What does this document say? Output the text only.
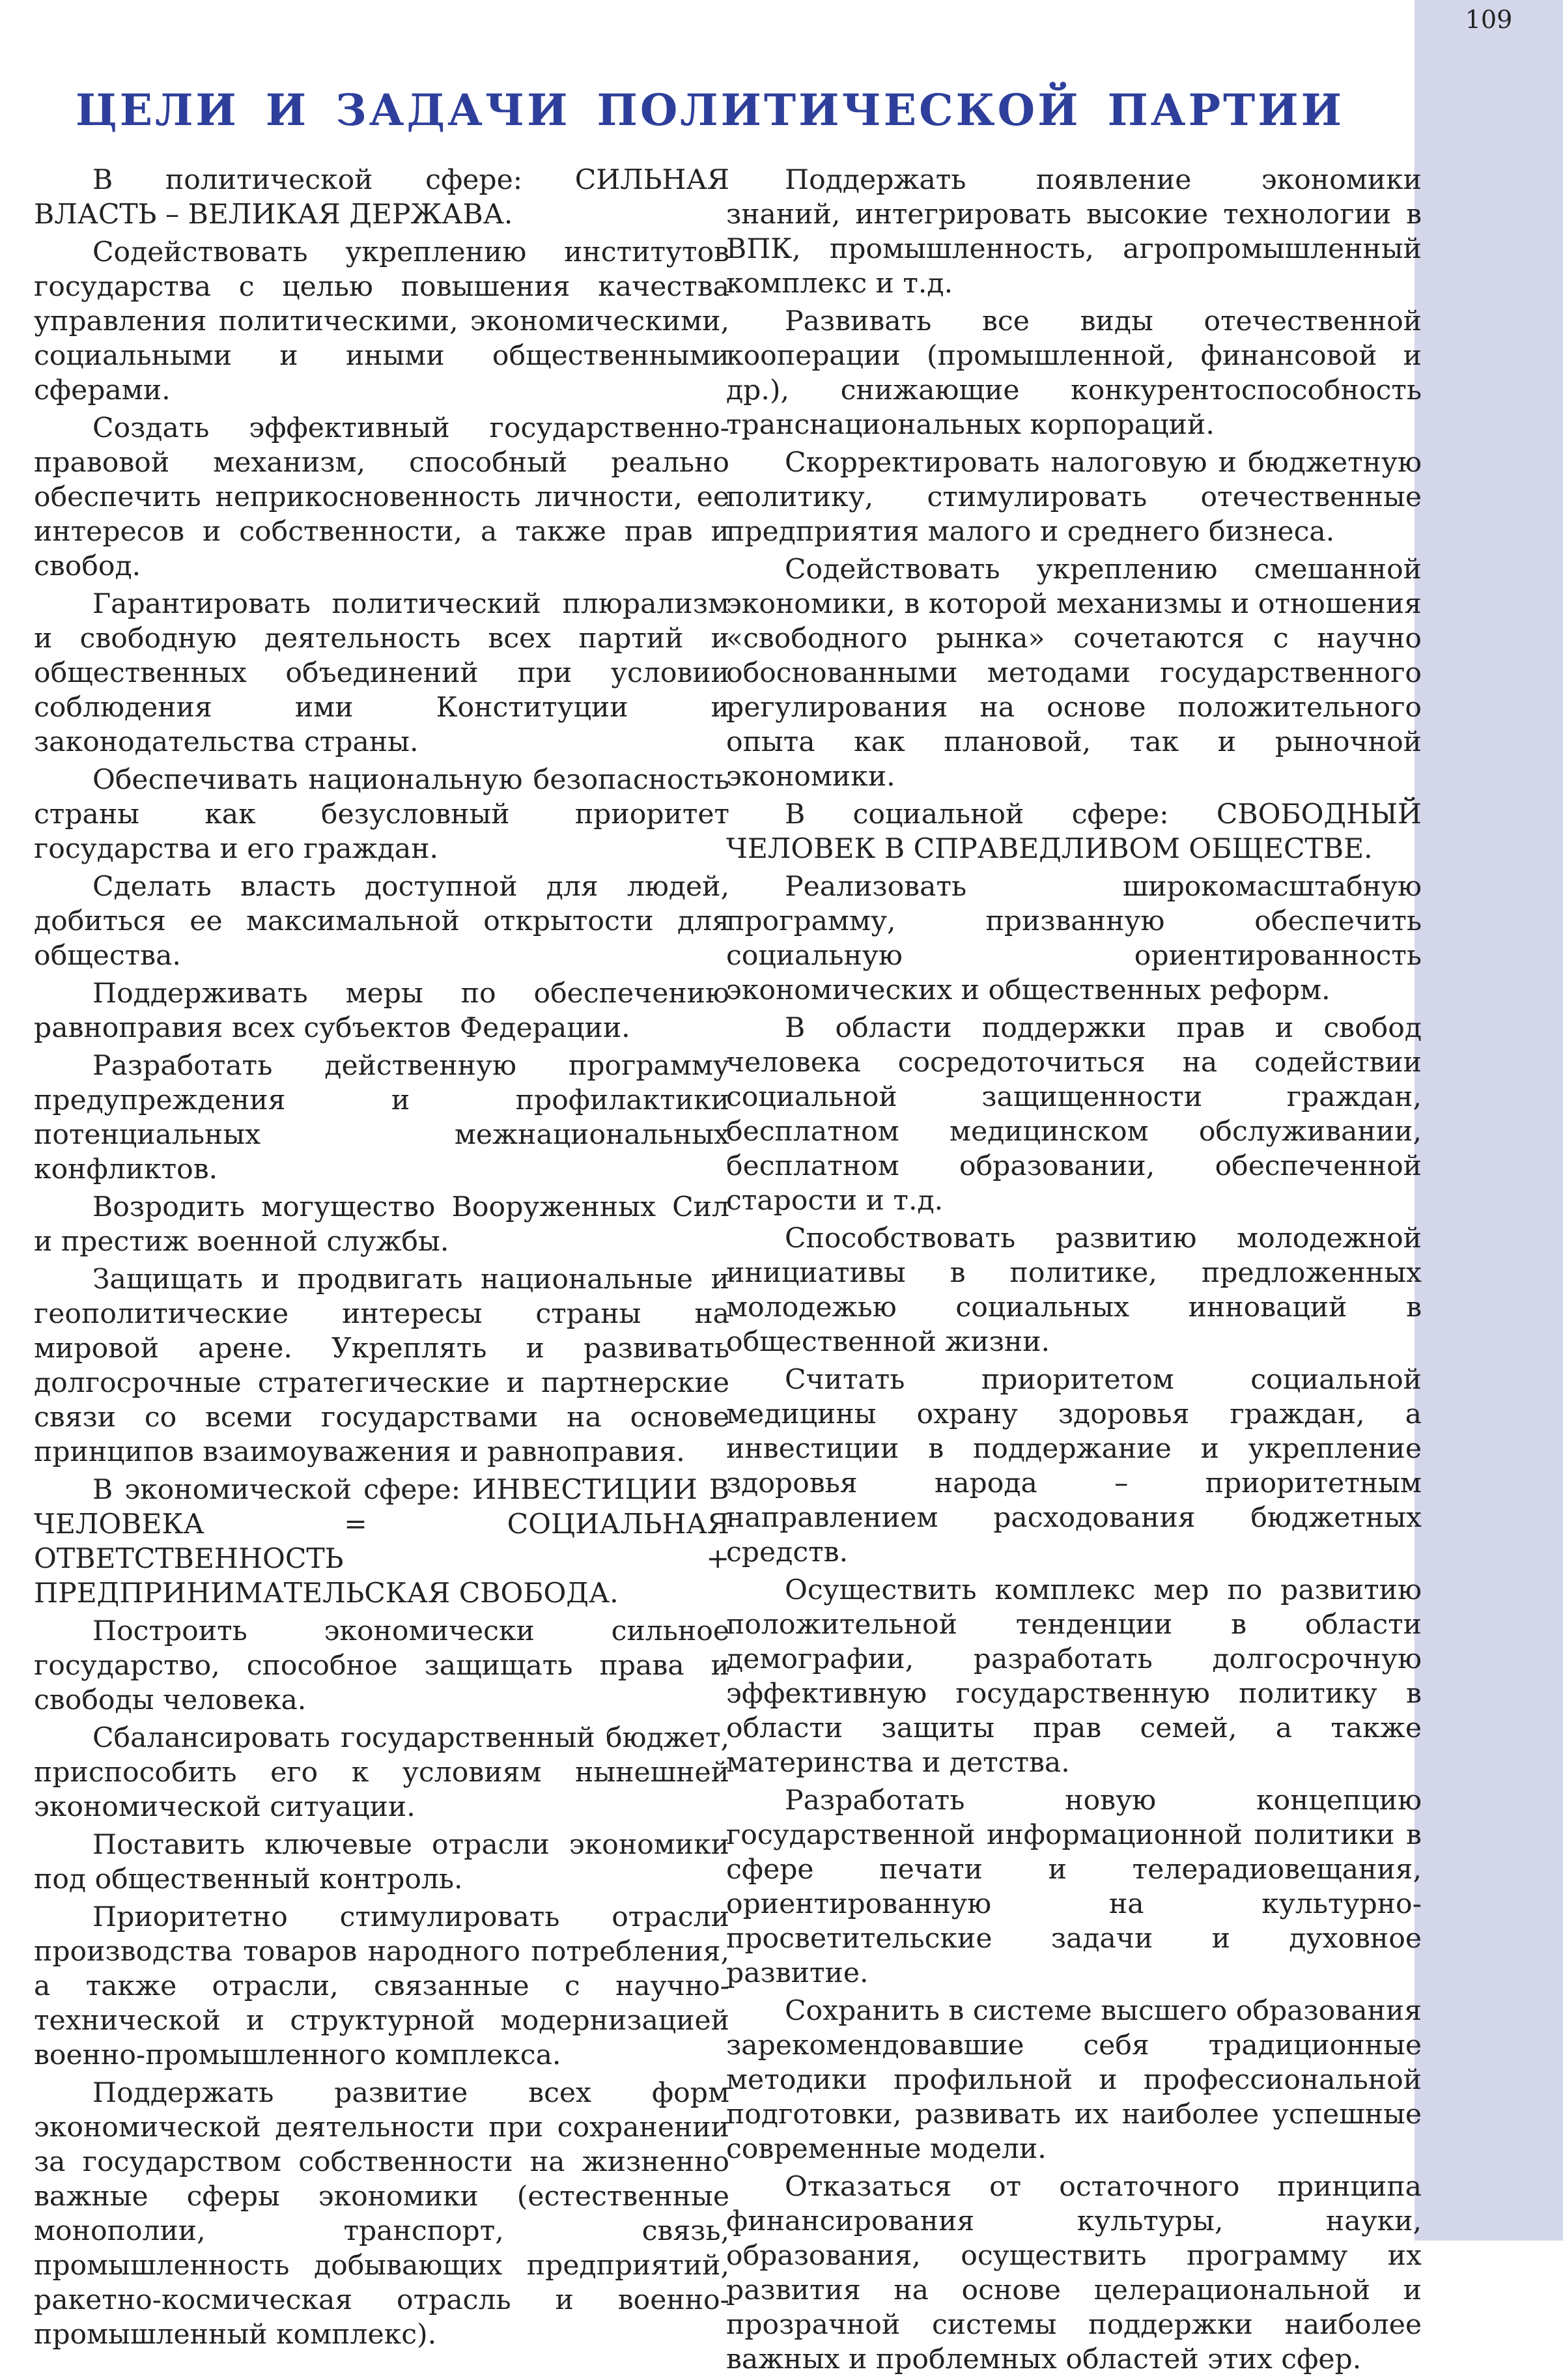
109
ЦЕЛИ И ЗАДАЧИ ПОЛИТИЧЕСКОЙ ПАРТИИ

В политической сфере: СИЛЬНАЯ ВЛАСТЬ – ВЕЛИКАЯ ДЕРЖАВА.

Содействовать укреплению институтов государства с целью повышения качества управления политическими, экономическими, социальными и иными общественными сферами.

Создать эффективный государственно-правовой механизм, способный реально обеспечить неприкосновенность личности, ее интересов и собственности, а также прав и свобод.

Гарантировать политический плюрализм и свободную деятельность всех партий и общественных объединений при условии соблюдения ими Конституции и законодательства страны.

Обеспечивать национальную безопасность страны как безусловный приоритет государства и его граждан.

Сделать власть доступной для людей, добиться ее максимальной открытости для общества.

Поддерживать меры по обеспечению равноправия всех субъектов Федерации.

Разработать действенную программу предупреждения и профилактики потенциальных межнациональных конфликтов.

Возродить могущество Вооруженных Сил и престиж военной службы.

Защищать и продвигать национальные и геополитические интересы страны на мировой арене. Укреплять и развивать долгосрочные стратегические и партнерские связи со всеми государствами на основе принципов взаимоуважения и равноправия.

В экономической сфере: ИНВЕСТИЦИИ В ЧЕЛОВЕКА = СОЦИАЛЬНАЯ ОТВЕТСТВЕННОСТЬ + ПРЕДПРИНИМАТЕЛЬСКАЯ СВОБОДА.

Построить экономически сильное государство, способное защищать права и свободы человека.

Сбалансировать государственный бюджет, приспособить его к условиям нынешней экономической ситуации.

Поставить ключевые отрасли экономики под общественный контроль.

Приоритетно стимулировать отрасли производства товаров народного потребления, а также отрасли, связанные с научно-технической и структурной модернизацией военно-промышленного комплекса.

Поддержать развитие всех форм экономической деятельности при сохранении за государством собственности на жизненно важные сферы экономики (естественные монополии, транспорт, связь, промышленность добывающих предприятий, ракетно-космическая отрасль и военно-промышленный комплекс).

Поддержать появление экономики знаний, интегрировать высокие технологии в ВПК, промышленность, агропромышленный комплекс и т.д.

Развивать все виды отечественной кооперации (промышленной, финансовой и др.), снижающие конкурентоспособность транснациональных корпораций.

Скорректировать налоговую и бюджетную политику, стимулировать отечественные предприятия малого и среднего бизнеса.

Содействовать укреплению смешанной экономики, в которой механизмы и отношения «свободного рынка» сочетаются с научно обоснованными методами государственного регулирования на основе положительного опыта как плановой, так и рыночной экономики.

В социальной сфере: СВОБОДНЫЙ ЧЕЛОВЕК В СПРАВЕДЛИВОМ ОБЩЕСТВЕ.

Реализовать широкомасштабную программу, призванную обеспечить социальную ориентированность экономических и общественных реформ.

В области поддержки прав и свобод человека сосредоточиться на содействии социальной защищенности граждан, бесплатном медицинском обслуживании, бесплатном образовании, обеспеченной старости и т.д.

Способствовать развитию молодежной инициативы в политике, предложенных молодежью социальных инноваций в общественной жизни.

Считать приоритетом социальной медицины охрану здоровья граждан, а инвестиции в поддержание и укрепление здоровья народа – приоритетным направлением расходования бюджетных средств.

Осуществить комплекс мер по развитию положительной тенденции в области демографии, разработать долгосрочную эффективную государственную политику в области защиты прав семей, а также материнства и детства.

Разработать новую концепцию государственной информационной политики в сфере печати и телерадиовещания, ориентированную на культурно-просветительские задачи и духовное развитие.

Сохранить в системе высшего образования зарекомендовавшие себя традиционные методики профильной и профессиональной подготовки, развивать их наиболее успешные современные модели.

Отказаться от остаточного принципа финансирования культуры, науки, образования, осуществить программу их развития на основе целерациональной и прозрачной системы поддержки наиболее важных и проблемных областей этих сфер.
